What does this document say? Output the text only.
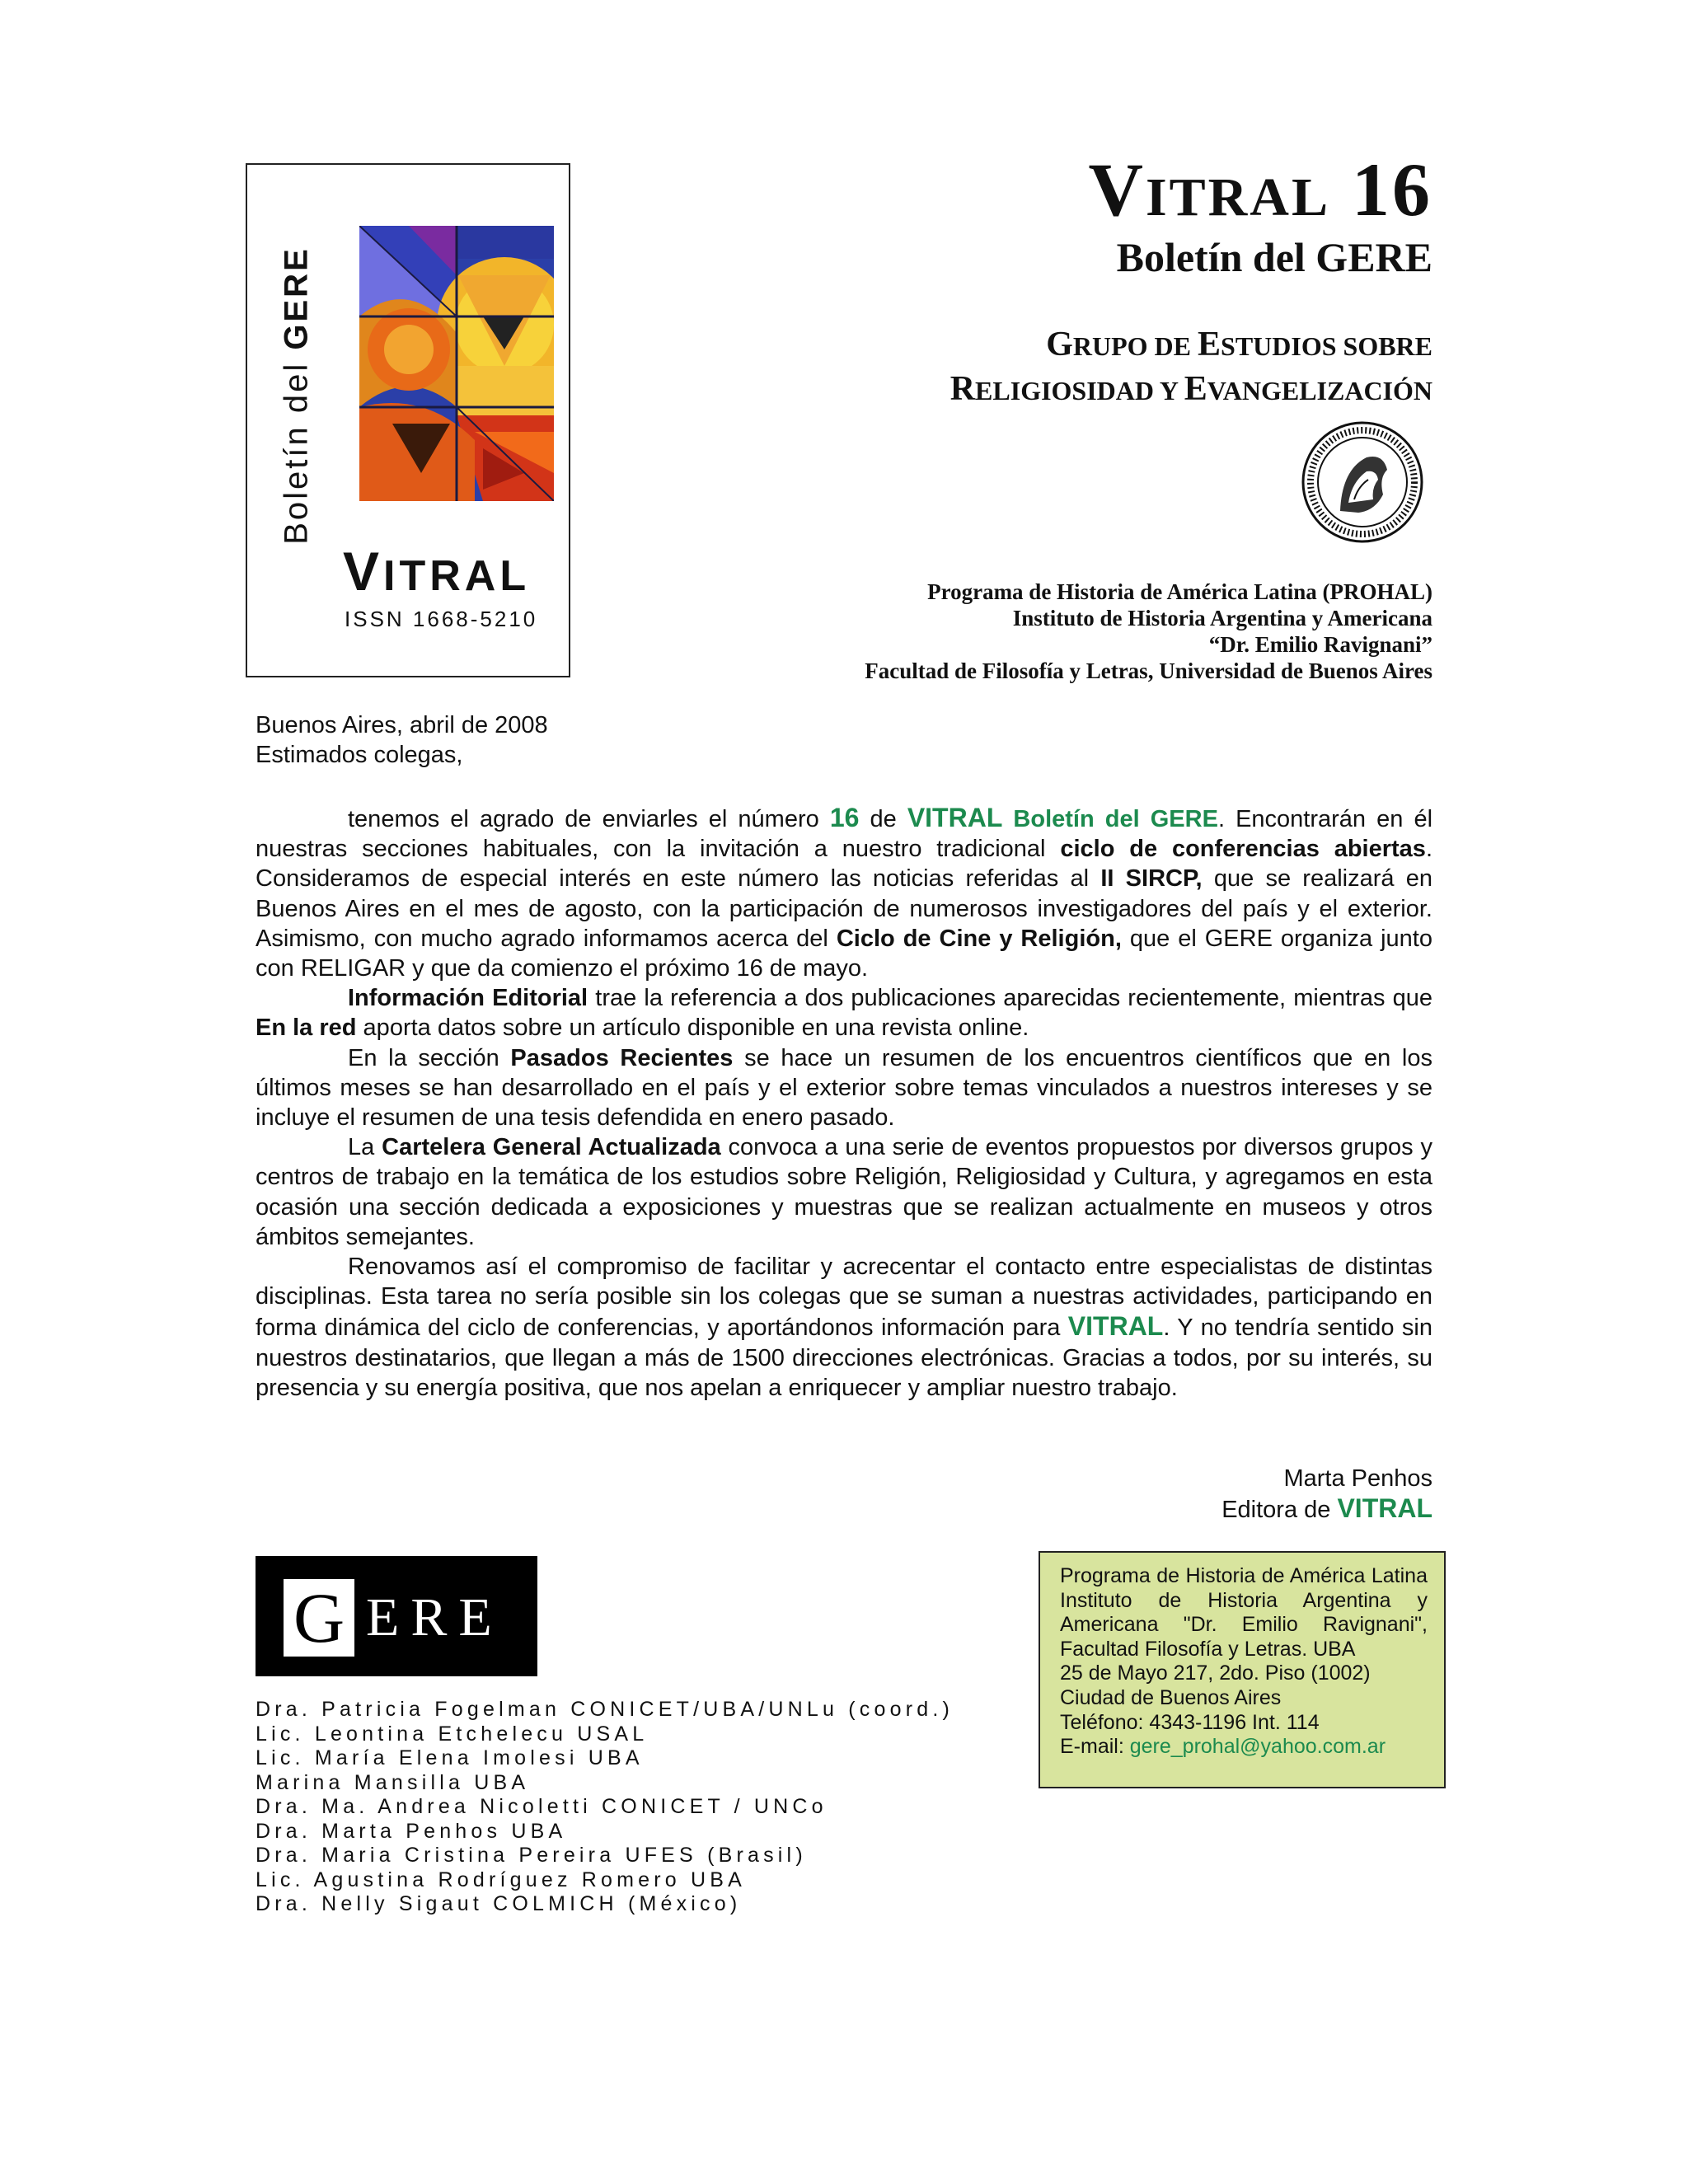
Boletín del GERE
VITRAL
ISSN 1668-5210
VITRAL 16
Boletín del GERE
GRUPO DE ESTUDIOS SOBRE
RELIGIOSIDAD Y EVANGELIZACIÓN
Programa de Historia de América Latina (PROHAL)
Instituto de Historia Argentina y Americana
“Dr. Emilio Ravignani”
Facultad de Filosofía y Letras, Universidad de Buenos Aires
Buenos Aires, abril de 2008
Estimados colegas,

tenemos el agrado de enviarles el número 16 de VITRAL Boletín del GERE. Encontrarán en él nuestras secciones habituales, con la invitación a nuestro tradicional ciclo de conferencias abiertas. Consideramos de especial interés en este número las noticias referidas al II SIRCP, que se realizará en Buenos Aires en el mes de agosto, con la participación de numerosos investigadores del país y el exterior. Asimismo, con mucho agrado informamos acerca del Ciclo de Cine y Religión, que el GERE organiza junto con RELIGAR y que da comienzo el próximo 16 de mayo.

Información Editorial trae la referencia a dos publicaciones aparecidas recientemente, mientras que En la red aporta datos sobre un artículo disponible en una revista online.

En la sección Pasados Recientes se hace un resumen de los encuentros científicos que en los últimos meses se han desarrollado en el país y el exterior sobre temas vinculados a nuestros intereses y se incluye el resumen de una tesis defendida en enero pasado.

La Cartelera General Actualizada convoca a una serie de eventos propuestos por diversos grupos y centros de trabajo en la temática de los estudios sobre Religión, Religiosidad y Cultura, y agregamos en esta ocasión una sección dedicada a exposiciones y muestras que se realizan actualmente en museos y otros ámbitos semejantes.

Renovamos así el compromiso de facilitar y acrecentar el contacto entre especialistas de distintas disciplinas. Esta tarea no sería posible sin los colegas que se suman a nuestras actividades, participando en forma dinámica del ciclo de conferencias, y aportándonos información para VITRAL. Y no tendría sentido sin nuestros destinatarios, que llegan a más de 1500 direcciones electrónicas. Gracias a todos, por su interés, su presencia y su energía positiva, que nos apelan a enriquecer y ampliar nuestro trabajo.

Marta Penhos
Editora de VITRAL
G ERE
Dra. Patricia Fogelman CONICET/UBA/UNLu (coord.)
Lic. Leontina Etchelecu USAL
Lic. María Elena Imolesi UBA
Marina Mansilla UBA
Dra. Ma. Andrea Nicoletti CONICET / UNCo
Dra. Marta Penhos UBA
Dra. Maria Cristina Pereira UFES (Brasil)
Lic. Agustina Rodríguez Romero UBA
Dra. Nelly Sigaut COLMICH (México)
Programa de Historia de América Latina Instituto de Historia Argentina y Americana "Dr. Emilio Ravignani", Facultad Filosofía y Letras. UBA
25 de Mayo 217, 2do. Piso (1002)
Ciudad de Buenos Aires
Teléfono: 4343-1196 Int. 114
E-mail: gere_prohal@yahoo.com.ar
